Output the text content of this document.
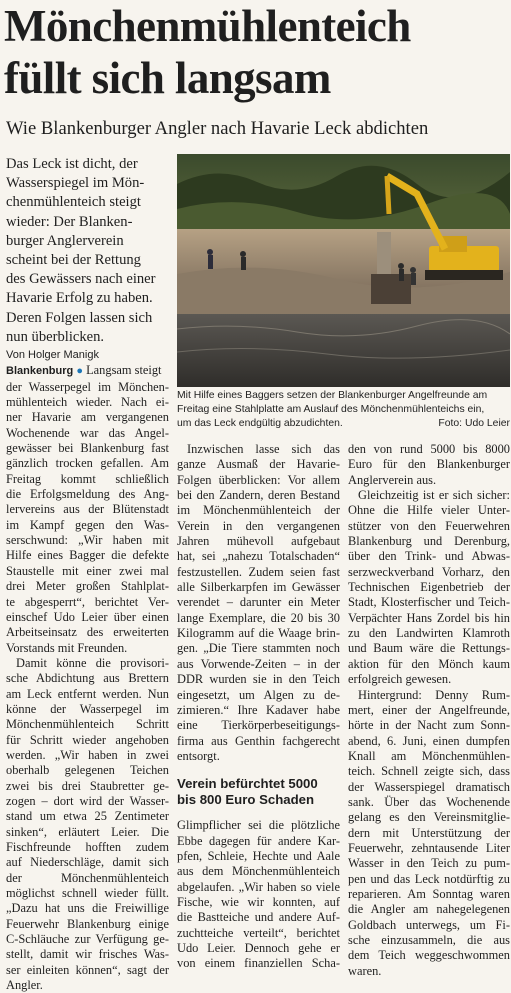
Mönchenmühlenteich
füllt sich langsam
Wie Blankenburger Angler nach Havarie Leck abdichten
Das Leck ist dicht, der
Wasserspiegel im Mön-
chenmühlenteich steigt
wieder: Der Blanken-
burger Anglerverein
scheint bei der Rettung
des Gewässers nach einer
Havarie Erfolg zu haben.
Deren Folgen lassen sich
nun überblicken.
Mit Hilfe eines Baggers setzen der Blankenburger Angelfreunde am
Freitag eine Stahlplatte am Auslauf des Mönchenmühlenteichs ein,
um das Leck endgültig abzudichten.	Foto: Udo Leier
Von Holger Manigk
Blankenburg ● Langsam steigt
der Wasserpegel im Mönchen-
mühlenteich wieder. Nach ei-
ner Havarie am vergangenen
Wochenende war das Angel-
gewässer bei Blankenburg fast
gänzlich trocken gefallen. Am
Freitag kommt schließlich
die Erfolgsmeldung des Ang-
lervereins aus der Blütenstadt
im Kampf gegen den Was-
serschwund: „Wir haben mit
Hilfe eines Bagger die defekte
Staustelle mit einer zwei mal
drei Meter großen Stahlplat-
te abgesperrt“, berichtet Ver-
einschef Udo Leier über einen
Arbeitseinsatz des erweiterten
Vorstands mit Freunden.
Damit könne die provisori-
sche Abdichtung aus Brettern
am Leck entfernt werden. Nun
könne der Wasserpegel im
Mönchenmühlenteich Schritt
für Schritt wieder angehoben
werden. „Wir haben in zwei
oberhalb gelegenen Teichen
zwei bis drei Staubretter ge-
zogen – dort wird der Wasser-
stand um etwa 25 Zentimeter
sinken“, erläutert Leier. Die
Fischfreunde hofften zudem
auf Niederschläge, damit sich
der Mönchenmühlenteich
möglichst schnell wieder füllt.
„Dazu hat uns die Freiwillige
Feuerwehr Blankenburg einige
C-Schläuche zur Verfügung ge-
stellt, damit wir frisches Was-
ser einleiten können“, sagt der
Angler.
Inzwischen lasse sich das
ganze Ausmaß der Havarie-
Folgen überblicken: Vor allem
bei den Zandern, deren Bestand
im Mönchenmühlenteich der
Verein in den vergangenen
Jahren mühevoll aufgebaut
hat, sei „nahezu Totalschaden“
festzustellen. Zudem seien fast
alle Silberkarpfen im Gewässer
verendet – darunter ein Meter
lange Exemplare, die 20 bis 30
Kilogramm auf die Waage brin-
gen. „Die Tiere stammten noch
aus Vorwende-Zeiten – in der
DDR wurden sie in den Teich
eingesetzt, um Algen zu de-
zimieren.“ Ihre Kadaver habe
eine Tierkörperbeseitigungs-
firma aus Genthin fachgerecht
entsorgt.
Verein befürchtet 5000
bis 800 Euro Schaden
Glimpflicher sei die plötzliche
Ebbe dagegen für andere Kar-
pfen, Schleie, Hechte und Aale
aus dem Mönchenmühlenteich
abgelaufen. „Wir haben so viele
Fische, wie wir konnten, auf
die Bastteiche und andere Auf-
zuchtteiche verteilt“, berichtet
Udo Leier. Dennoch gehe er
von einem finanziellen Scha-
den von rund 5000 bis 8000
Euro für den Blankenburger
Anglerverein aus.
Gleichzeitig ist er sich sicher:
Ohne die Hilfe vieler Unter-
stützer von den Feuerwehren
Blankenburg und Derenburg,
über den Trink- und Abwas-
serzweckverband Vorharz, den
Technischen Eigenbetrieb der
Stadt, Klosterfischer und Teich-
Verpächter Hans Zordel bis hin
zu den Landwirten Klamroth
und Baum wäre die Rettungs-
aktion für den Mönch kaum
erfolgreich gewesen.
Hintergrund: Denny Rum-
mert, einer der Angelfreunde,
hörte in der Nacht zum Sonn-
abend, 6. Juni, einen dumpfen
Knall am Mönchenmühlen-
teich. Schnell zeigte sich, dass
der Wasserspiegel dramatisch
sank. Über das Wochenende
gelang es den Vereinsmitglie-
dern mit Unterstützung der
Feuerwehr, zehntausende Liter
Wasser in den Teich zu pum-
pen und das Leck notdürftig zu
reparieren. Am Sonntag waren
die Angler am nahegelegenen
Goldbach unterwegs, um Fi-
sche einzusammeln, die aus
dem Teich weggeschwommen
waren.
